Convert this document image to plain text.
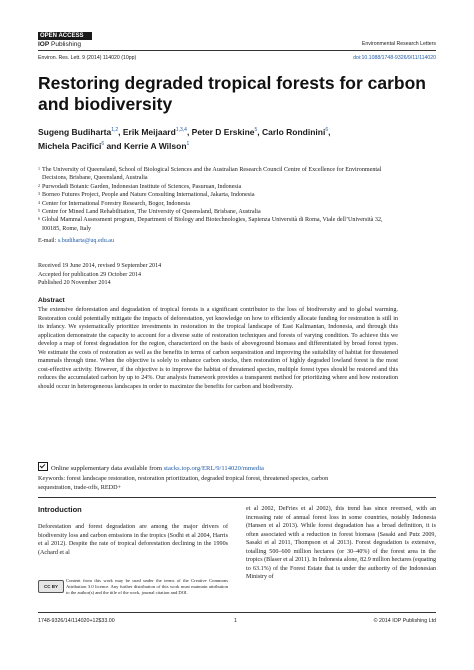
OPEN ACCESS
IOP Publishing	Environmental Research Letters
Environ. Res. Lett. 9 (2014) 114020 (10pp)	doi:10.1088/1748-9326/9/11/114020
Restoring degraded tropical forests for carbon and biodiversity
Sugeng Budiharta$^{1,2}$, Erik Meijaard$^{1,3,4}$, Peter D Erskine$^5$, Carlo Rondinini$^6$,
Michela Pacifici$^6$ and Kerrie A Wilson$^1$
1 The University of Queensland, School of Biological Sciences and the Australian Research Council Centre of Excellence for Environmental Decisions, Brisbane, Queensland, Australia
2 Purwodadi Botanic Garden, Indonesian Institute of Sciences, Pasuruan, Indonesia
3 Borneo Futures Project, People and Nature Consulting International, Jakarta, Indonesia
4 Center for International Forestry Research, Bogor, Indonesia
5 Centre for Mined Land Rehabilitation, The University of Queensland, Brisbane, Australia
6 Global Mammal Assessment program, Department of Biology and Biotechnologies, Sapienza Università di Roma, Viale dell’Università 32, I00185, Rome, Italy
E-mail: s.budiharta@uq.edu.au
Received 19 June 2014, revised 9 September 2014
Accepted for publication 29 October 2014
Published 20 November 2014
Abstract
The extensive deforestation and degradation of tropical forests is a significant contributor to the loss of biodiversity and to global warming. Restoration could potentially mitigate the impacts of deforestation, yet knowledge on how to efficiently allocate funding for restoration is still in its infancy. We systematically prioritize investments in restoration in the tropical landscape of East Kalimantan, Indonesia, and through this application demonstrate the capacity to account for a diverse suite of restoration techniques and forests of varying condition. To achieve this we develop a map of forest degradation for the region, characterized on the basis of aboveground biomass and differentiated by broad forest types. We estimate the costs of restoration as well as the benefits in terms of carbon sequestration and improving the suitability of habitat for threatened mammals through time. When the objective is solely to enhance carbon stocks, then restoration of highly degraded lowland forest is the most cost-effective activity. However, if the objective is to improve the habitat of threatened species, multiple forest types should be restored and this reduces the accumulated carbon by up to 24%. Our analysis framework provides a transparent method for prioritizing where and how restoration should occur in heterogeneous landscapes in order to maximize the benefits for carbon and biodiversity.
Online supplementary data available from stacks.iop.org/ERL/9/114020/mmedia
Keywords: forest landscape restoration, restoration prioritization, degraded tropical forest, threatened species, carbon sequestration, trade-offs, REDD+
Introduction
Deforestation and forest degradation are among the major drivers of biodiversity loss and carbon emissions in the tropics (Sodhi et al 2004, Harris et al 2012). Despite the rate of tropical deforestation declining in the 1990s (Achard et al
et al 2002, DeFries et al 2002), this trend has since reversed, with an increasing rate of annual forest loss in some countries, notably Indonesia (Hansen et al 2013). While forest degradation has a broad definition, it is often associated with a reduction in forest biomass (Sasaki and Putz 2009, Sasaki et al 2011, Thompson et al 2013). Forest degradation is extensive, totalling 500–600 million hectares (or 30–40%) of the forest area in the tropics (Blaser et al 2011). In Indonesia alone, 82.9 million hectares (equating to 63.1%) of the Forest Estate that is under the authority of the Indonesian Ministry of
CC BY
Content from this work may be used under the terms of the Creative Commons Attribution 3.0 licence. Any further distribution of this work must maintain attribution to the author(s) and the title of the work, journal citation and DOI.
1748-9326/14/114020+12$33.00	1	© 2014 IOP Publishing Ltd
